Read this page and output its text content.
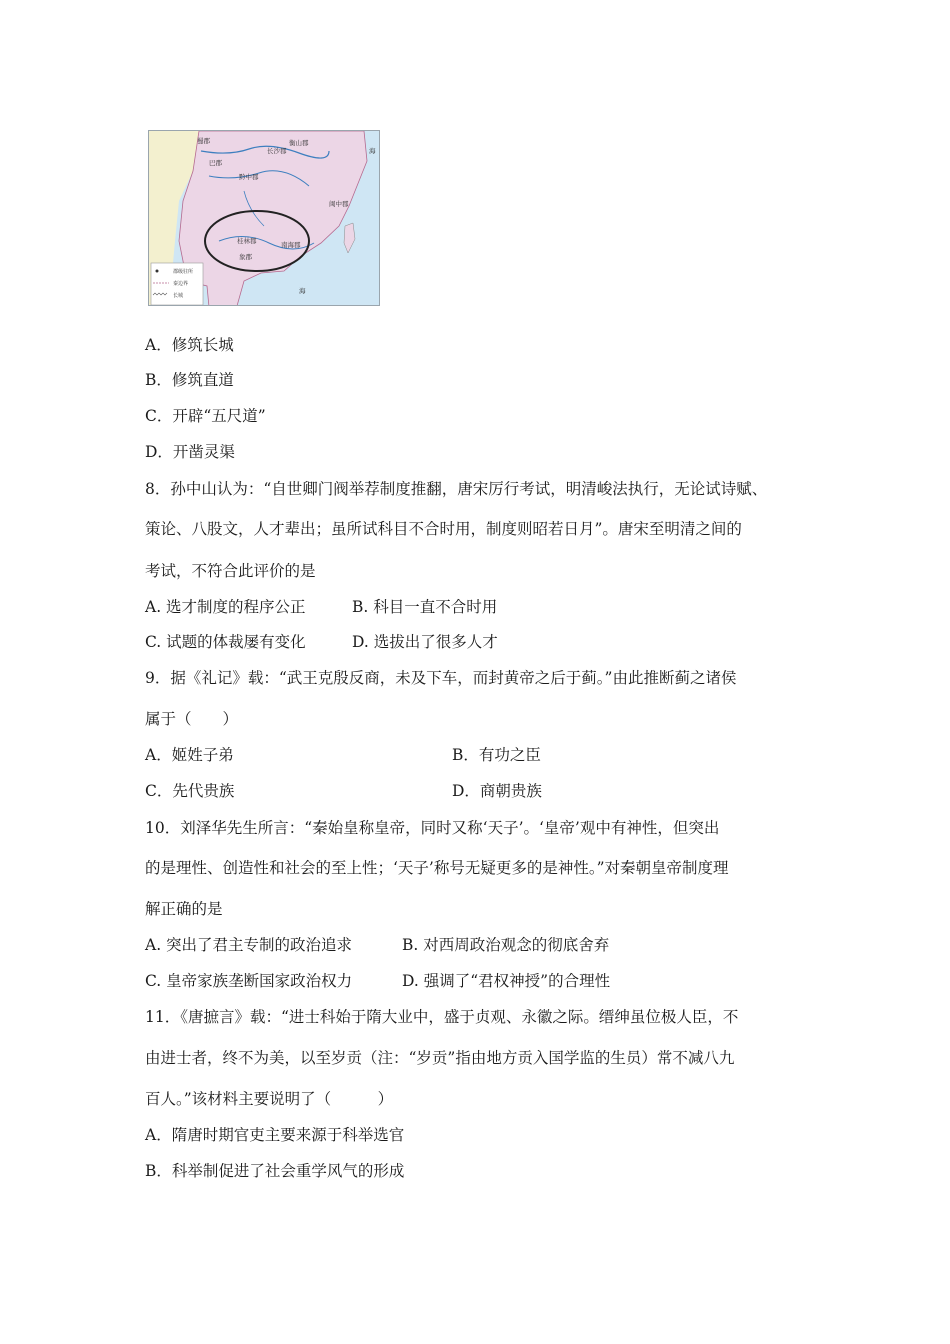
蜀郡
巴郡
黔中郡
长沙郡
衡山郡
闽中郡
桂林郡
象郡
南海郡
海
海
郡级驻所
秦边界
长城
A．修筑长城
B．修筑直道
C．开辟“五尺道”
D．开凿灵渠
8．孙中山认为：“自世卿门阀举荐制度推翻，唐宋厉行考试，明清峻法执行，无论试诗赋、
策论、八股文，人才辈出；虽所试科目不合时用，制度则昭若日月”。唐宋至明清之间的
考试，不符合此评价的是
A. 选才制度的程序公正	B. 科目一直不合时用
C. 试题的体裁屡有变化	D. 选拔出了很多人才
9．据《礼记》载：“武王克殷反商，未及下车，而封黄帝之后于蓟。”由此推断蓟之诸侯
属于（　　）
A．姬姓子弟	B．有功之臣
C．先代贵族	D．商朝贵族
10．刘泽华先生所言：“秦始皇称皇帝，同时又称‘天子’。‘皇帝’观中有神性，但突出
的是理性、创造性和社会的至上性；‘天子’称号无疑更多的是神性。”对秦朝皇帝制度理
解正确的是
A. 突出了君主专制的政治追求	B. 对西周政治观念的彻底舍弃
C. 皇帝家族垄断国家政治权力	D. 强调了“君权神授”的合理性
11．《唐摭言》载：“进士科始于隋大业中，盛于贞观、永徽之际。缙绅虽位极人臣，不
由进士者，终不为美，以至岁贡（注：“岁贡”指由地方贡入国学监的生员）常不减八九
百人。”该材料主要说明了（　　　）
A．隋唐时期官吏主要来源于科举选官
B．科举制促进了社会重学风气的形成
